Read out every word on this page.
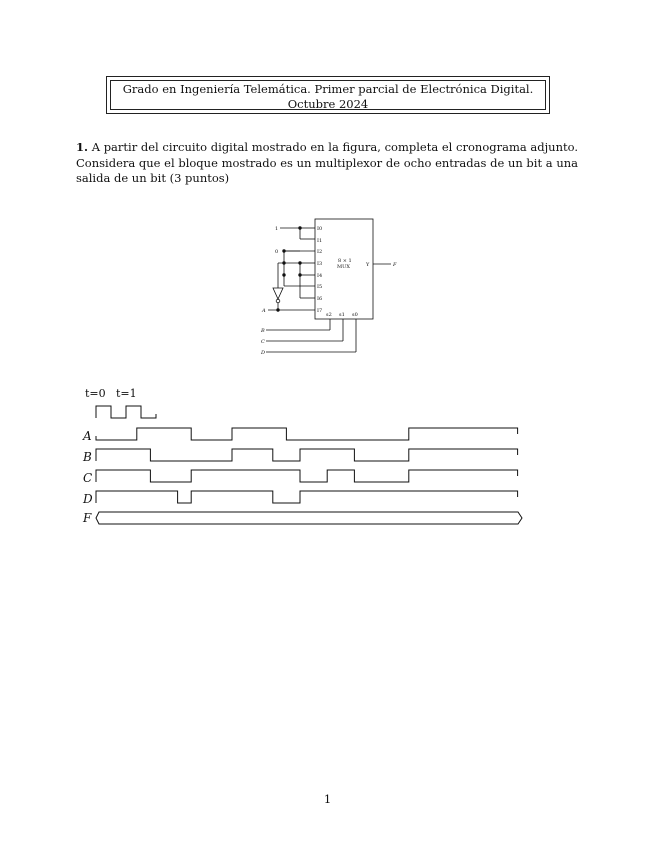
Grado en Ingeniería Telemática. Primer parcial de Electrónica Digital.
Octubre 2024
1. A partir del circuito digital mostrado en la figura, completa el cronograma adjunto. Considera que el bloque mostrado es un multiplexor de ocho entradas de un bit a una salida de un bit (3 puntos)
I0
I1
I2
I3
I4
I5
I6
I7
s2 s1 s0
8 × 1
MUX	Y	F
1
0
A
B
C
D
t=0 t=1
A
B
C
D
F
1
